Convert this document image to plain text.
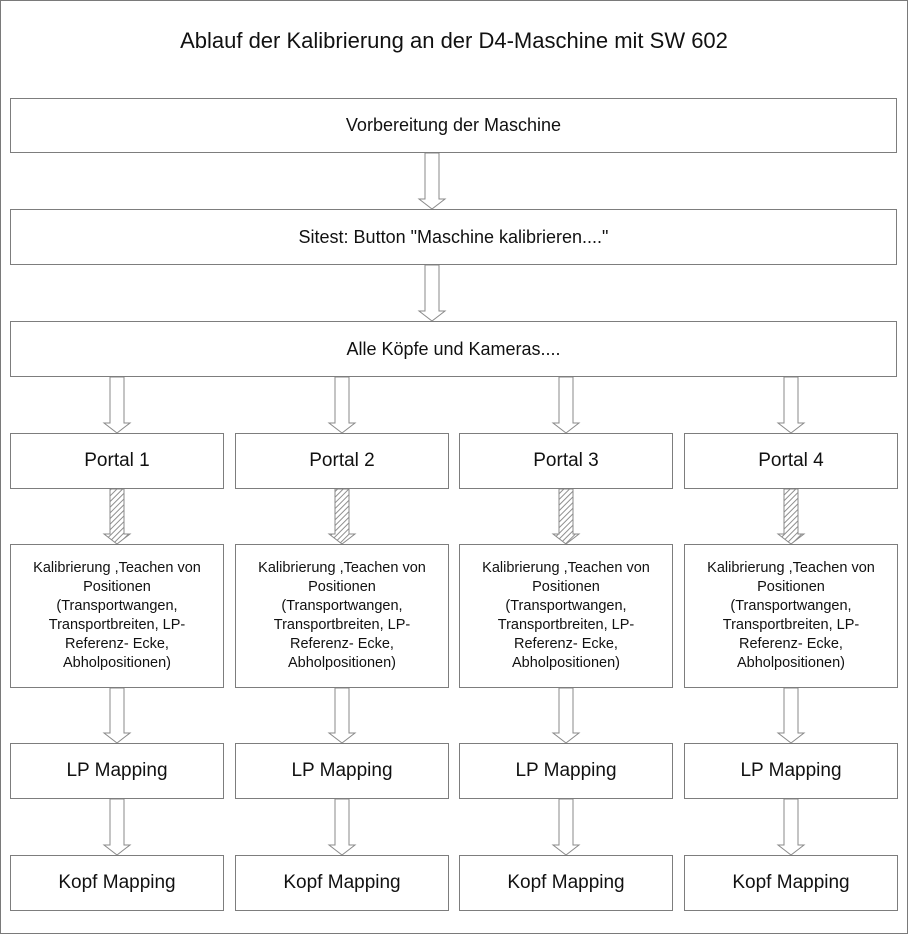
Ablauf der Kalibrierung an der D4-Maschine mit SW 602
Vorbereitung der Maschine
Sitest: Button "Maschine kalibrieren...."
Alle Köpfe und Kameras....
Portal 1
Kalibrierung ,Teachen von
Positionen
(Transportwangen,
Transportbreiten, LP-
Referenz- Ecke,
Abholpositionen)
LP Mapping
Kopf Mapping
Portal 2
Kalibrierung ,Teachen von
Positionen
(Transportwangen,
Transportbreiten, LP-
Referenz- Ecke,
Abholpositionen)
LP Mapping
Kopf Mapping
Portal 3
Kalibrierung ,Teachen von
Positionen
(Transportwangen,
Transportbreiten, LP-
Referenz- Ecke,
Abholpositionen)
LP Mapping
Kopf Mapping
Portal 4
Kalibrierung ,Teachen von
Positionen
(Transportwangen,
Transportbreiten, LP-
Referenz- Ecke,
Abholpositionen)
LP Mapping
Kopf Mapping
